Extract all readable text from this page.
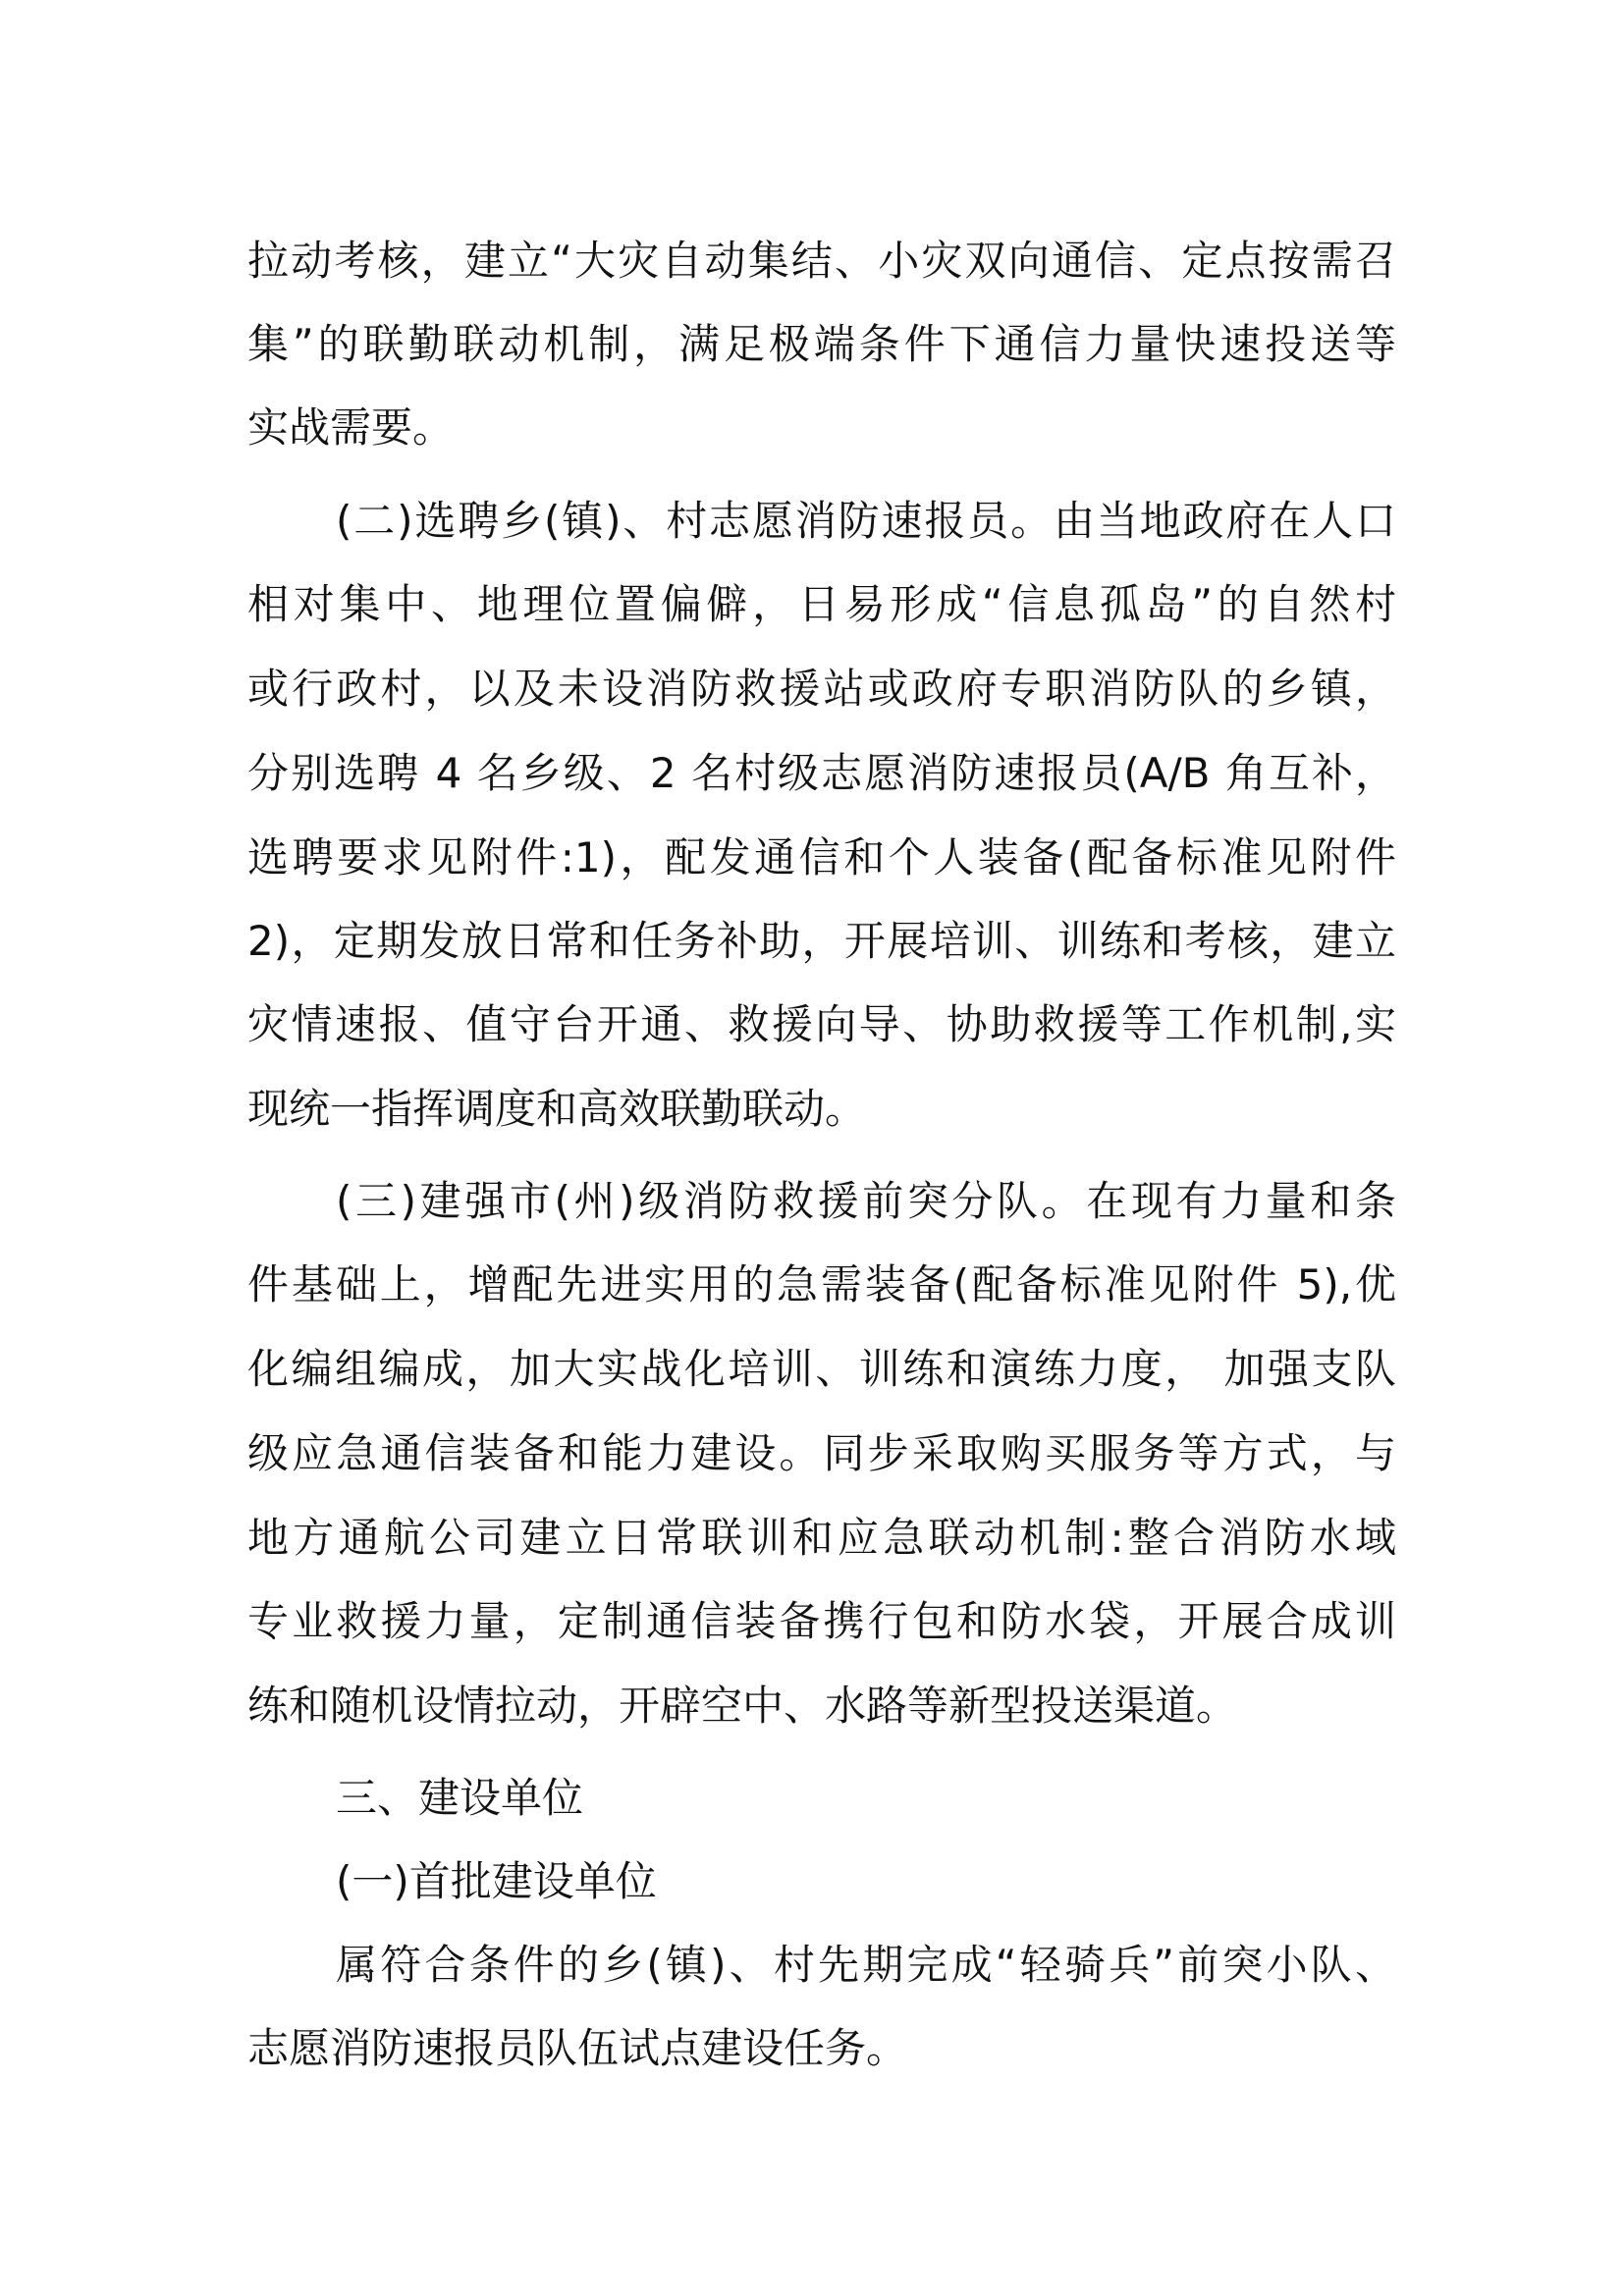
拉动考核，建立“大灾自动集结、小灾双向通信、定点按需召
集”的联勤联动机制，满足极端条件下通信力量快速投送等
实战需要。
(二)选聘乡(镇)、村志愿消防速报员。由当地政府在人口
相对集中、地理位置偏僻，日易形成“信息孤岛”的自然村
或行政村，以及未设消防救援站或政府专职消防队的乡镇，
分别选聘 4 名乡级、2 名村级志愿消防速报员(A/B 角互补，
选聘要求见附件:1)，配发通信和个人装备(配备标准见附件
2)，定期发放日常和任务补助，开展培训、训练和考核，建立
灾情速报、值守台开通、救援向导、协助救援等工作机制,实
现统一指挥调度和高效联勤联动。
(三)建强市(州)级消防救援前突分队。在现有力量和条
件基础上，增配先进实用的急需装备(配备标准见附件 5),优
化编组编成，加大实战化培训、训练和演练力度， 加强支队
级应急通信装备和能力建设。同步采取购买服务等方式，与
地方通航公司建立日常联训和应急联动机制:整合消防水域
专业救援力量，定制通信装备携行包和防水袋，开展合成训
练和随机设情拉动，开辟空中、水路等新型投送渠道。
三、建设单位
(一)首批建设单位
属符合条件的乡(镇)、村先期完成“轻骑兵”前突小队、
志愿消防速报员队伍试点建设任务。
